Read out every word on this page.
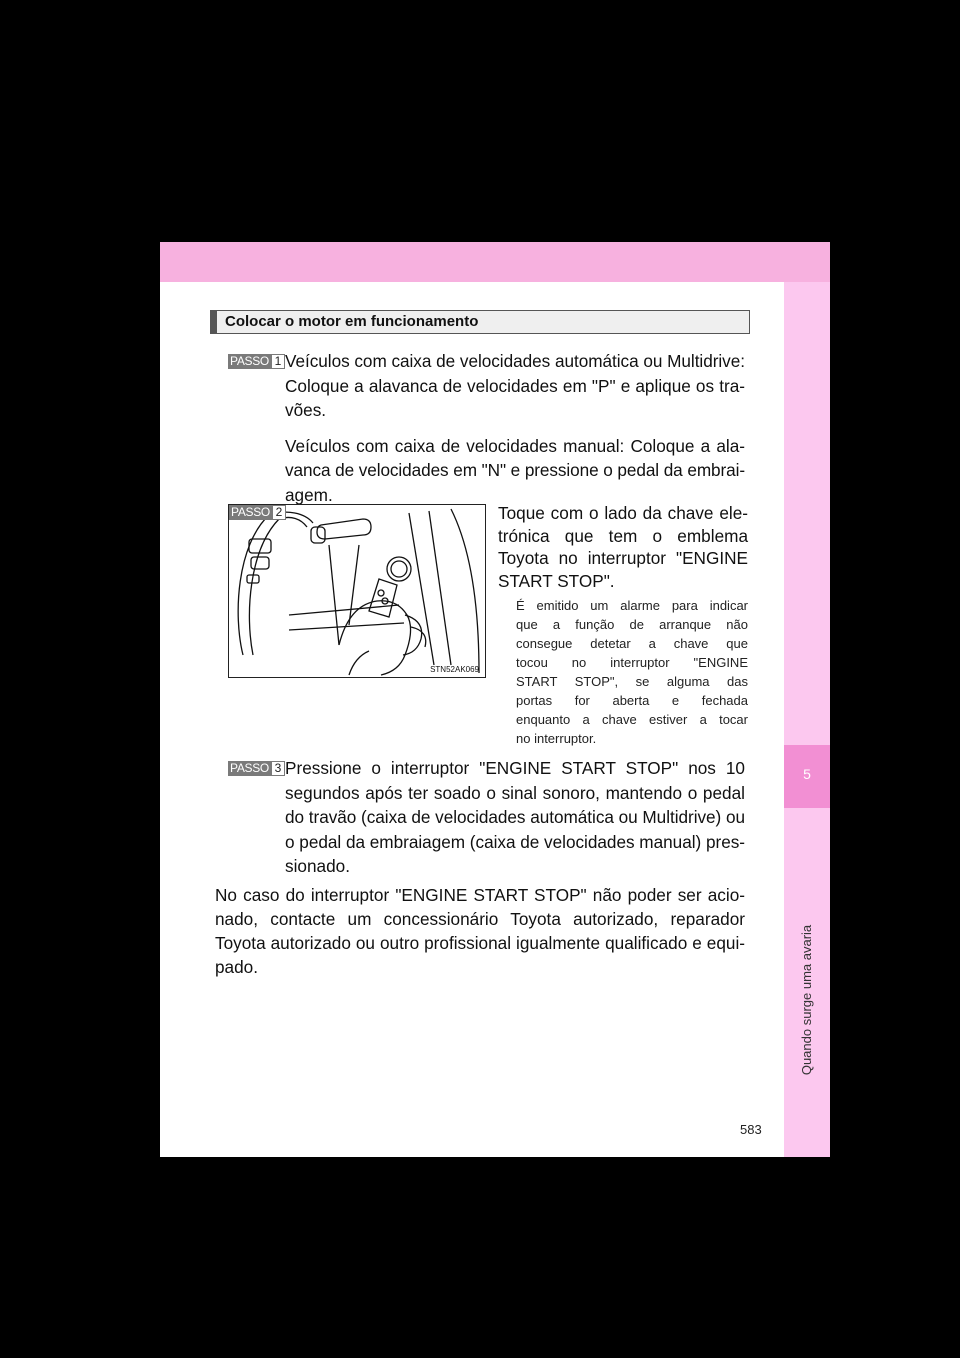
5
Quando surge uma avaria
Colocar o motor em funcionamento
PASSO 1 Veículos com caixa de velocidades automática ou Multidrive:
Coloque a alavanca de velocidades em "P" e aplique os tra-
vões.
Veículos com caixa de velocidades manual: Coloque a ala-
vanca de velocidades em "N" e pressione o pedal da embrai-
agem.
PASSO 2
STN52AK069
Toque com o lado da chave ele-
trónica que tem o emblema
Toyota no interruptor "ENGINE
START STOP".
É emitido um alarme para indicar
que a função de arranque não
consegue detetar a chave que
tocou no interruptor "ENGINE
START STOP", se alguma das
portas for aberta e fechada
enquanto a chave estiver a tocar
no interruptor.
PASSO 3 Pressione o interruptor "ENGINE START STOP" nos 10
segundos após ter soado o sinal sonoro, mantendo o pedal
do travão (caixa de velocidades automática ou Multidrive) ou
o pedal da embraiagem (caixa de velocidades manual) pres-
sionado.
No caso do interruptor "ENGINE START STOP" não poder ser acio-
nado, contacte um concessionário Toyota autorizado, reparador
Toyota autorizado ou outro profissional igualmente qualificado e equi-
pado.
583
